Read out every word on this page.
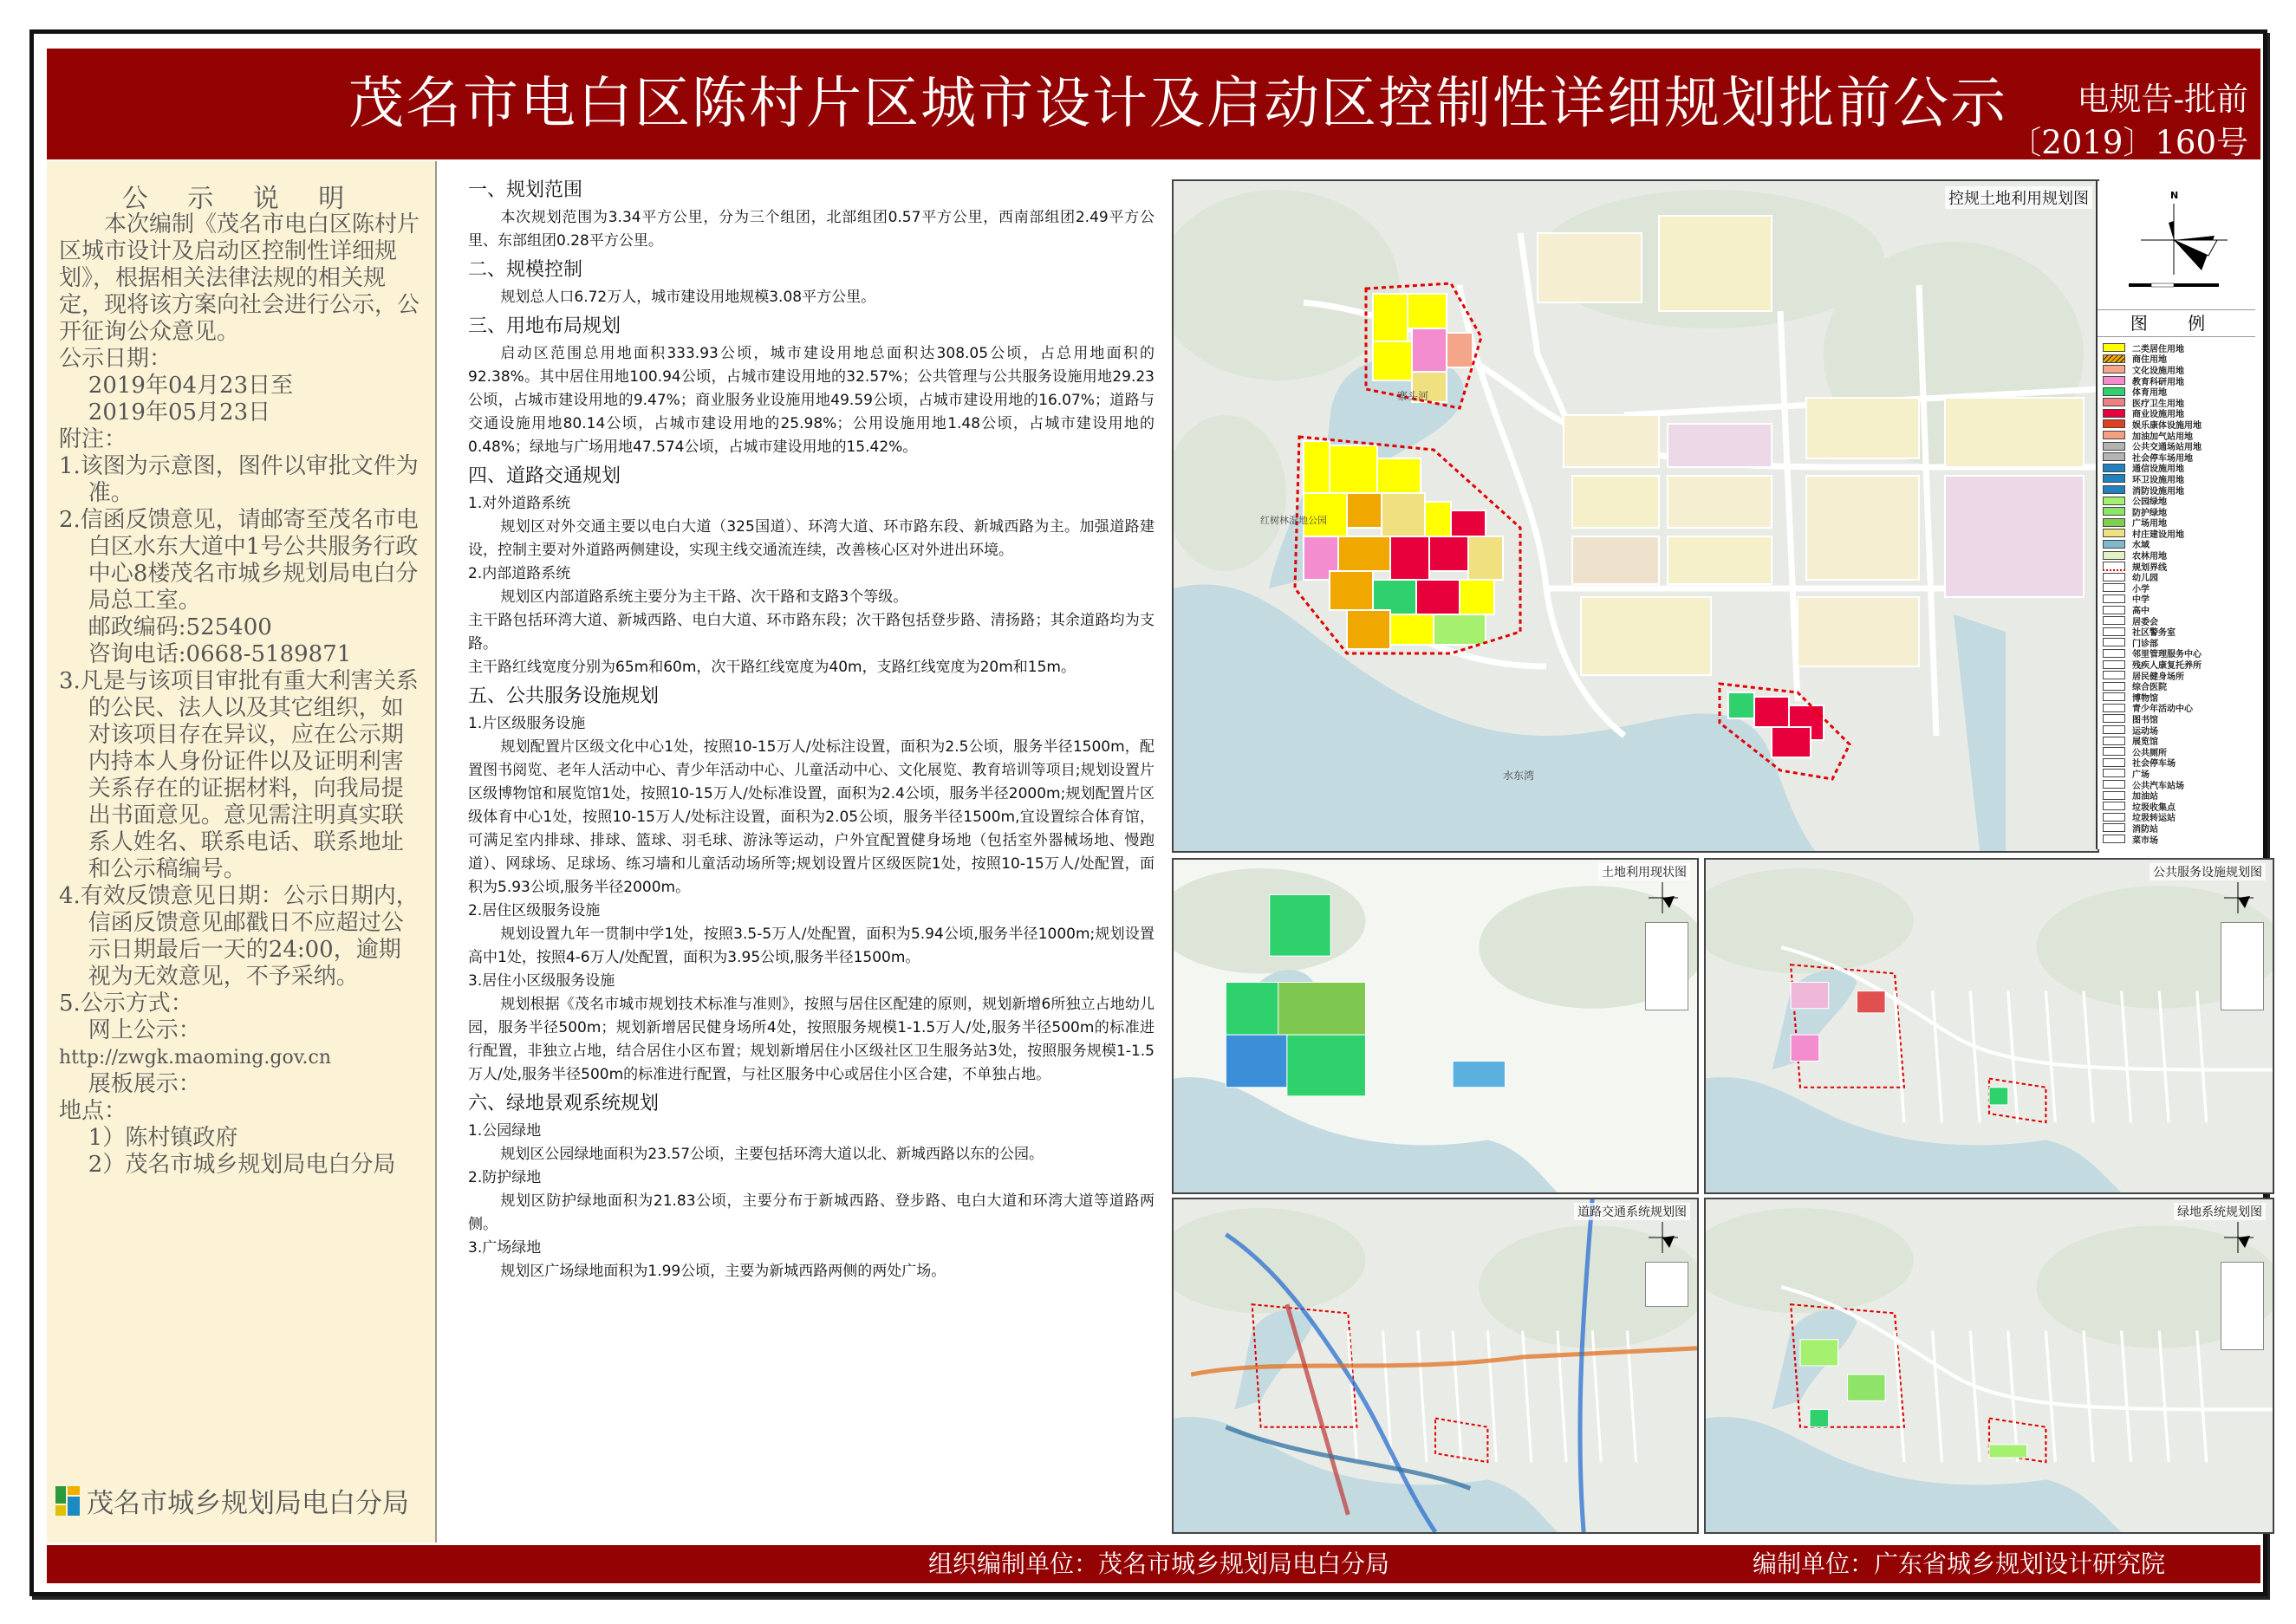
茂名市电白区陈村片区城市设计及启动区控制性详细规划批前公示	电规告-批前
〔2019〕160号
公 示 说 明
本次编制《茂名市电白区陈村片区城市设计及启动区控制性详细规划》，根据相关法律法规的相关规定，现将该方案向社会进行公示，公开征询公众意见。
公示日期：
2019年04月23日至
2019年05月23日
附注：
1.该图为示意图，图件以审批文件为准。
2.信函反馈意见，请邮寄至茂名市电白区水东大道中1号公共服务行政中心8楼茂名市城乡规划局电白分局总工室。
邮政编码:525400
咨询电话:0668-5189871
3.凡是与该项目审批有重大利害关系的公民、法人以及其它组织，如对该项目存在异议，应在公示期内持本人身份证件以及证明利害关系存在的证据材料，向我局提出书面意见。意见需注明真实联系人姓名、联系电话、联系地址和公示稿编号。
4.有效反馈意见日期：公示日期内，信函反馈意见邮戳日不应超过公示日期最后一天的24:00，逾期视为无效意见，不予采纳。
5.公示方式：
网上公示：
http://zwgk.maoming.gov.cn
展板展示：
地点：
1）陈村镇政府
2）茂名市城乡规划局电白分局
茂名市城乡规划局电白分局
一、规划范围
本次规划范围为3.34平方公里，分为三个组团，北部组团0.57平方公里，西南部组团2.49平方公里、东部组团0.28平方公里。
二、规模控制
规划总人口6.72万人，城市建设用地规模3.08平方公里。
三、用地布局规划
启动区范围总用地面积333.93公顷，城市建设用地总面积达308.05公顷，占总用地面积的92.38%。其中居住用地100.94公顷，占城市建设用地的32.57%；公共管理与公共服务设施用地29.23公顷，占城市建设用地的9.47%；商业服务业设施用地49.59公顷，占城市建设用地的16.07%；道路与交通设施用地80.14公顷，占城市建设用地的25.98%；公用设施用地1.48公顷，占城市建设用地的0.48%；绿地与广场用地47.574公顷，占城市建设用地的15.42%。
四、道路交通规划
1.对外道路系统
规划区对外交通主要以电白大道（325国道）、环湾大道、环市路东段、新城西路为主。加强道路建设，控制主要对外道路两侧建设，实现主线交通流连续，改善核心区对外进出环境。
2.内部道路系统
规划区内部道路系统主要分为主干路、次干路和支路3个等级。
主干路包括环湾大道、新城西路、电白大道、环市路东段；次干路包括登步路、清扬路；其余道路均为支路。
主干路红线宽度分别为65m和60m，次干路红线宽度为40m，支路红线宽度为20m和15m。
五、公共服务设施规划
1.片区级服务设施
规划配置片区级文化中心1处，按照10-15万人/处标注设置，面积为2.5公顷，服务半径1500m，配置图书阅览、老年人活动中心、青少年活动中心、儿童活动中心、文化展览、教育培训等项目;规划设置片区级博物馆和展览馆1处，按照10-15万人/处标准设置，面积为2.4公顷，服务半径2000m;规划配置片区级体育中心1处，按照10-15万人/处标注设置，面积为2.05公顷，服务半径1500m,宜设置综合体育馆，可满足室内排球、排球、篮球、羽毛球、游泳等运动，户外宜配置健身场地（包括室外器械场地、慢跑道）、网球场、足球场、练习墙和儿童活动场所等;规划设置片区级医院1处，按照10-15万人/处配置，面积为5.93公顷,服务半径2000m。
2.居住区级服务设施
规划设置九年一贯制中学1处，按照3.5-5万人/处配置，面积为5.94公顷,服务半径1000m;规划设置高中1处，按照4-6万人/处配置，面积为3.95公顷,服务半径1500m。
3.居住小区级服务设施
规划根据《茂名市城市规划技术标准与准则》，按照与居住区配建的原则，规划新增6所独立占地幼儿园，服务半径500m；规划新增居民健身场所4处，按照服务规模1-1.5万人/处,服务半径500m的标准进行配置，非独立占地，结合居住小区布置；规划新增居住小区级社区卫生服务站3处，按照服务规模1-1.5万人/处,服务半径500m的标准进行配置，与社区服务中心或居住小区合建，不单独占地。
六、绿地景观系统规划
1.公园绿地
规划区公园绿地面积为23.57公顷，主要包括环湾大道以北、新城西路以东的公园。
2.防护绿地
规划区防护绿地面积为21.83公顷，主要分布于新城西路、登步路、电白大道和环湾大道等道路两侧。
3.广场绿地
规划区广场绿地面积为1.99公顷，主要为新城西路两侧的两处广场。
寨头河
红树林湿地公园
水东湾
控规土地利用规划图	N
图 例
二类居住用地
商住用地
文化设施用地
教育科研用地
体育用地
医疗卫生用地
商业设施用地
娱乐康体设施用地
加油加气站用地
公共交通场站用地
社会停车场用地
通信设施用地
环卫设施用地
消防设施用地
公园绿地
防护绿地
广场用地
村庄建设用地
水域
农林用地
规划界线
幼儿园
小学
中学
高中
居委会
社区警务室
门诊部
邻里管理服务中心
残疾人康复托养所
居民健身场所
综合医院
博物馆
青少年活动中心
图书馆
运动场
展览馆
公共厕所
社会停车场
广场
公共汽车站场
加油站
垃圾收集点
垃圾转运站
消防站
菜市场
土地利用现状图	公共服务设施规划图
道路交通系统规划图	绿地系统规划图
组织编制单位：茂名市城乡规划局电白分局	编制单位：广东省城乡规划设计研究院
